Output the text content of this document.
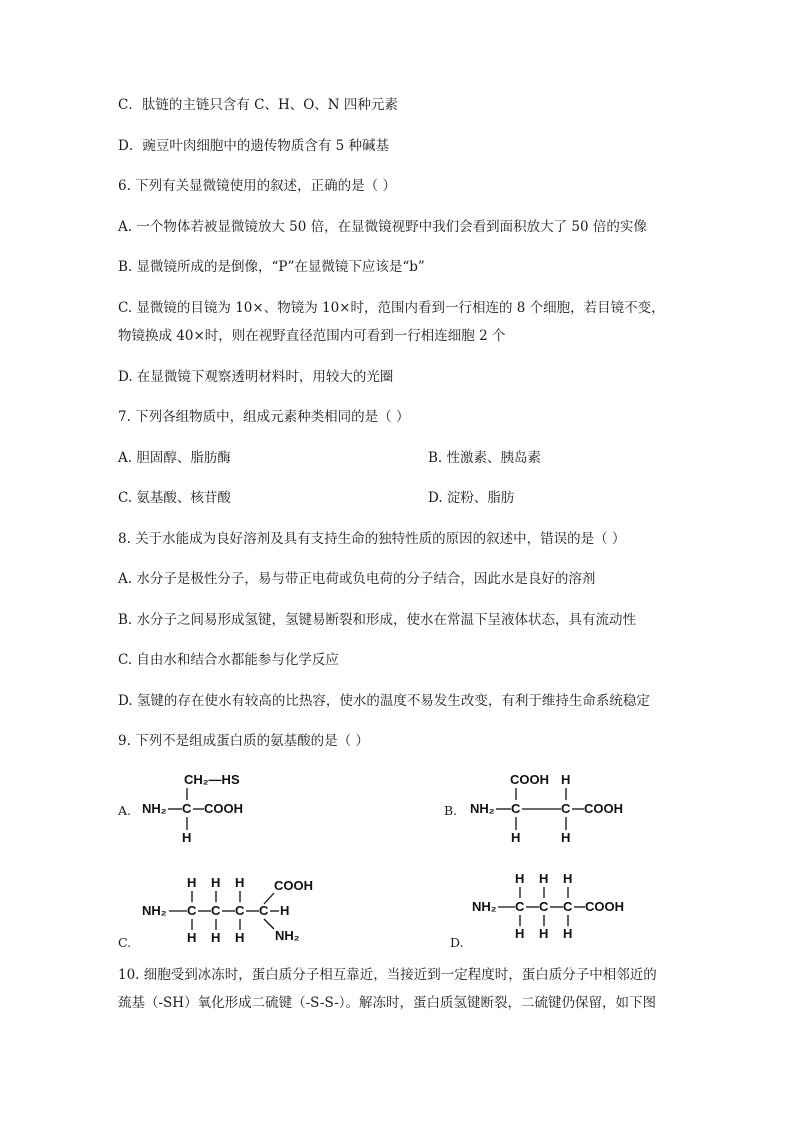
C．肽链的主链只含有 C、H、O、N 四种元素
D．豌豆叶肉细胞中的遗传物质含有 5 种碱基
6. 下列有关显微镜使用的叙述，正确的是（ ）
A. 一个物体若被显微镜放大 50 倍，在显微镜视野中我们会看到面积放大了 50 倍的实像
B. 显微镜所成的是倒像，“P”在显微镜下应该是“b”
C. 显微镜的目镜为 10×、物镜为 10×时，范围内看到一行相连的 8 个细胞，若目镜不变，
物镜换成 40×时，则在视野直径范围内可看到一行相连细胞 2 个
D. 在显微镜下观察透明材料时，用较大的光圈
7. 下列各组物质中，组成元素种类相同的是（ ）
A. 胆固醇、脂肪酶	B. 性激素、胰岛素
C. 氨基酸、核苷酸	D. 淀粉、脂肪
8. 关于水能成为良好溶剂及具有支持生命的独特性质的原因的叙述中，错误的是（ ）
A. 水分子是极性分子，易与带正电荷或负电荷的分子结合，因此水是良好的溶剂
B. 水分子之间易形成氢键，氢键易断裂和形成，使水在常温下呈液体状态，具有流动性
C. 自由水和结合水都能参与化学反应
D. 氢键的存在使水有较高的比热容，使水的温度不易发生改变，有利于维持生命系统稳定
9. 下列不是组成蛋白质的氨基酸的是（ ）
A.
CH₂—HS
NH₂ C COOH
H
B.
COOH H
NH₂ C	C COOH
H	H
C.
H H H COOH
NH₂ C C C C H
H H H NH₂	D.
H H H
NH₂ C C C COOH
H H H
10. 细胞受到冰冻时，蛋白质分子相互靠近，当接近到一定程度时，蛋白质分子中相邻近的
巯基（-SH）氧化形成二硫键（-S-S-）。解冻时，蛋白质氢键断裂，二硫键仍保留，如下图
